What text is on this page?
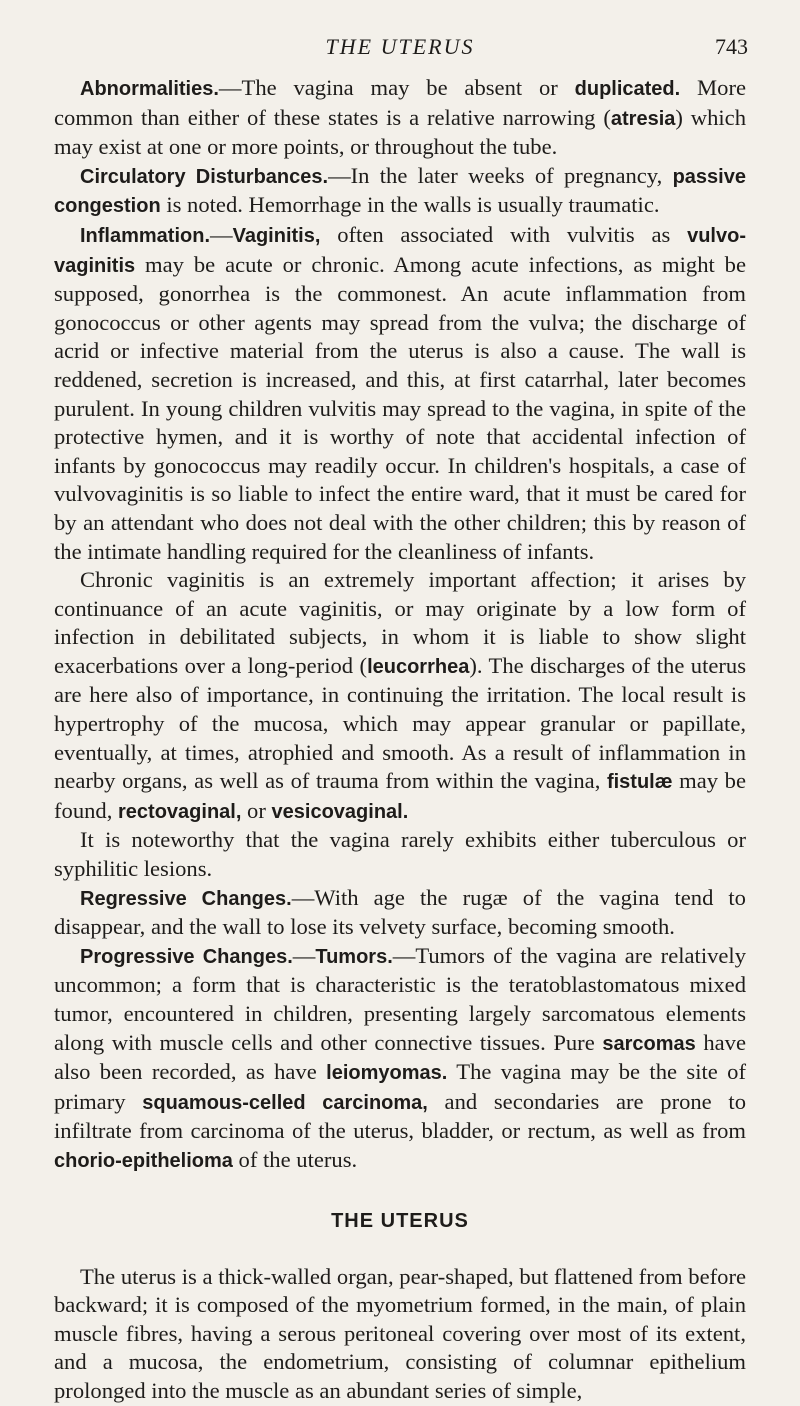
THE UTERUS	743

Abnormalities.—The vagina may be absent or duplicated. More common than either of these states is a relative narrowing (atresia) which may exist at one or more points, or throughout the tube.

Circulatory Disturbances.—In the later weeks of pregnancy, passive congestion is noted. Hemorrhage in the walls is usually traumatic.

Inflammation.—Vaginitis, often associated with vulvitis as vulvo-vaginitis may be acute or chronic. Among acute infections, as might be supposed, gonorrhea is the commonest. An acute inflammation from gonococcus or other agents may spread from the vulva; the discharge of acrid or infective material from the uterus is also a cause. The wall is reddened, secretion is increased, and this, at first catarrhal, later becomes purulent. In young children vulvitis may spread to the vagina, in spite of the protective hymen, and it is worthy of note that accidental infection of infants by gonococcus may readily occur. In children's hospitals, a case of vulvovaginitis is so liable to infect the entire ward, that it must be cared for by an attendant who does not deal with the other children; this by reason of the intimate handling required for the cleanliness of infants.

Chronic vaginitis is an extremely important affection; it arises by continuance of an acute vaginitis, or may originate by a low form of infection in debilitated subjects, in whom it is liable to show slight exacerbations over a long-period (leucorrhea). The discharges of the uterus are here also of importance, in continuing the irritation. The local result is hypertrophy of the mucosa, which may appear granular or papillate, eventually, at times, atrophied and smooth. As a result of inflammation in nearby organs, as well as of trauma from within the vagina, fistulæ may be found, rectovaginal, or vesicovaginal.

It is noteworthy that the vagina rarely exhibits either tuberculous or syphilitic lesions.

Regressive Changes.—With age the rugæ of the vagina tend to disappear, and the wall to lose its velvety surface, becoming smooth.

Progressive Changes.—Tumors.—Tumors of the vagina are relatively uncommon; a form that is characteristic is the teratoblastomatous mixed tumor, encountered in children, presenting largely sarcomatous elements along with muscle cells and other connective tissues. Pure sarcomas have also been recorded, as have leiomyomas. The vagina may be the site of primary squamous-celled carcinoma, and secondaries are prone to infiltrate from carcinoma of the uterus, bladder, or rectum, as well as from chorio-epithelioma of the uterus.

THE UTERUS

The uterus is a thick-walled organ, pear-shaped, but flattened from before backward; it is composed of the myometrium formed, in the main, of plain muscle fibres, having a serous peritoneal covering over most of its extent, and a mucosa, the endometrium, consisting of columnar epithelium prolonged into the muscle as an abundant series of simple,
